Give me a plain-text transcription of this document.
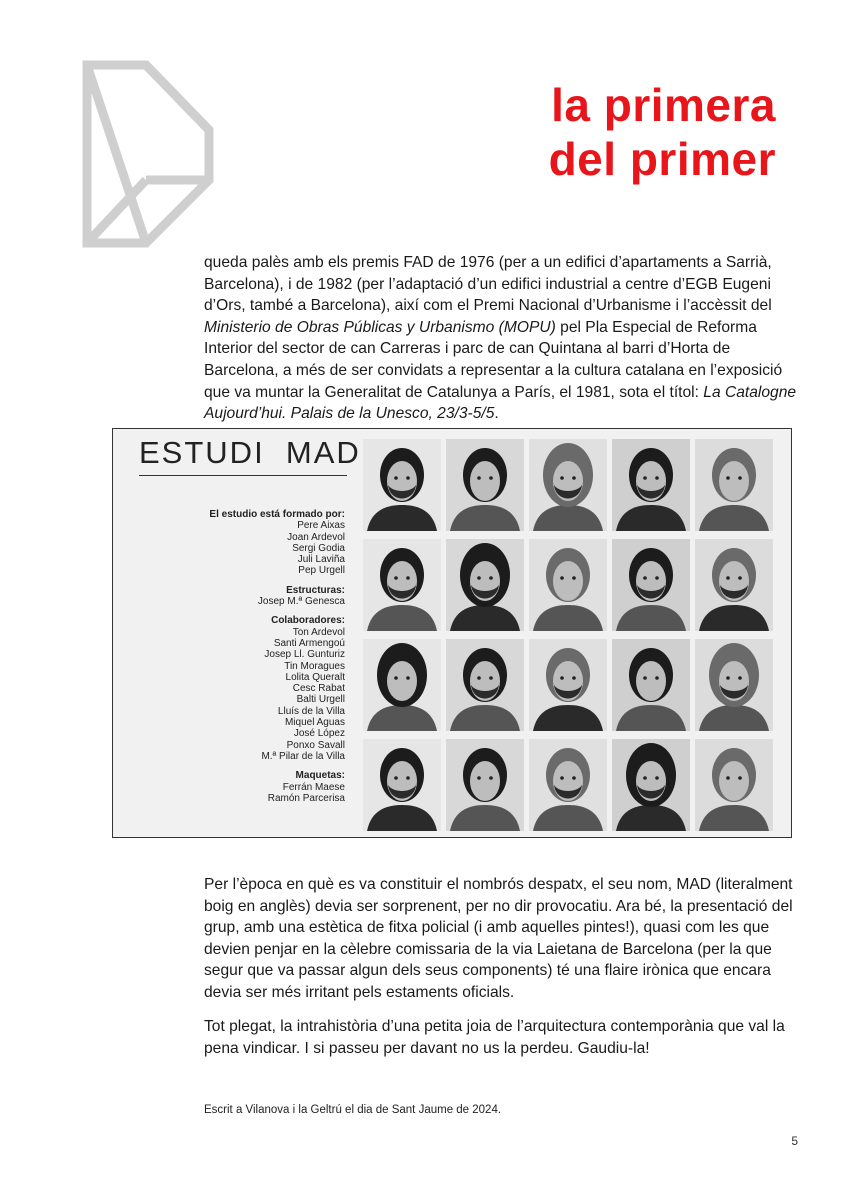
la primera
del primer

queda palès amb els premis FAD de 1976 (per a un edifici d’apartaments a Sarrià, Barcelona), i de 1982 (per l’adaptació d’un edifici industrial a centre d’EGB Eugeni d’Ors, també a Barcelona), així com el Premi Nacional d’Urbanisme i l’accèssit del Ministerio de Obras Públicas y Urbanismo (MOPU) pel Pla Especial de Reforma Interior del sector de can Carreras i parc de can Quintana al barri d’Horta de Barcelona, a més de ser convidats a representar a la cultura catalana en l’exposició que va muntar la Generalitat de Catalunya a París, el 1981, sota el títol: La Catalogne Aujourd’hui. Palais de la Unesco, 23/3-5/5.

ESTUDI  MAD
El estudio está formado por:
Pere Aixas
Joan Ardevol
Sergi Godia
Juli Laviña
Pep Urgell
Estructuras:
Josep M.ª Genesca
Colaboradores:
Ton Ardevol
Santi Armengoú
Josep Ll. Gunturiz
Tin Moragues
Lolita Queralt
Cesc Rabat
Balti Urgell
Lluís de la Villa
Miquel Aguas
José López
Ponxo Savall
M.ª Pilar de la Villa
Maquetas:
Ferrán Maese
Ramón Parcerisa

Per l’època en què es va constituir el nombrós despatx, el seu nom, MAD (literalment boig en anglès) devia ser sorprenent, per no dir provocatiu. Ara bé, la presentació del grup, amb una estètica de fitxa policial (i amb aquelles pintes!), quasi com les que devien penjar en la cèlebre comissaria de la via Laietana de Barcelona (per la que segur que va passar algun dels seus components) té una flaire irònica que encara devia ser més irritant pels estaments oficials.

Tot plegat, la intrahistòria d’una petita joia de l’arquitectura contemporània que val la pena vindicar. I si passeu per davant no us la perdeu. Gaudiu-la!

Escrit a Vilanova i la Geltrú el dia de Sant Jaume de 2024.
5
